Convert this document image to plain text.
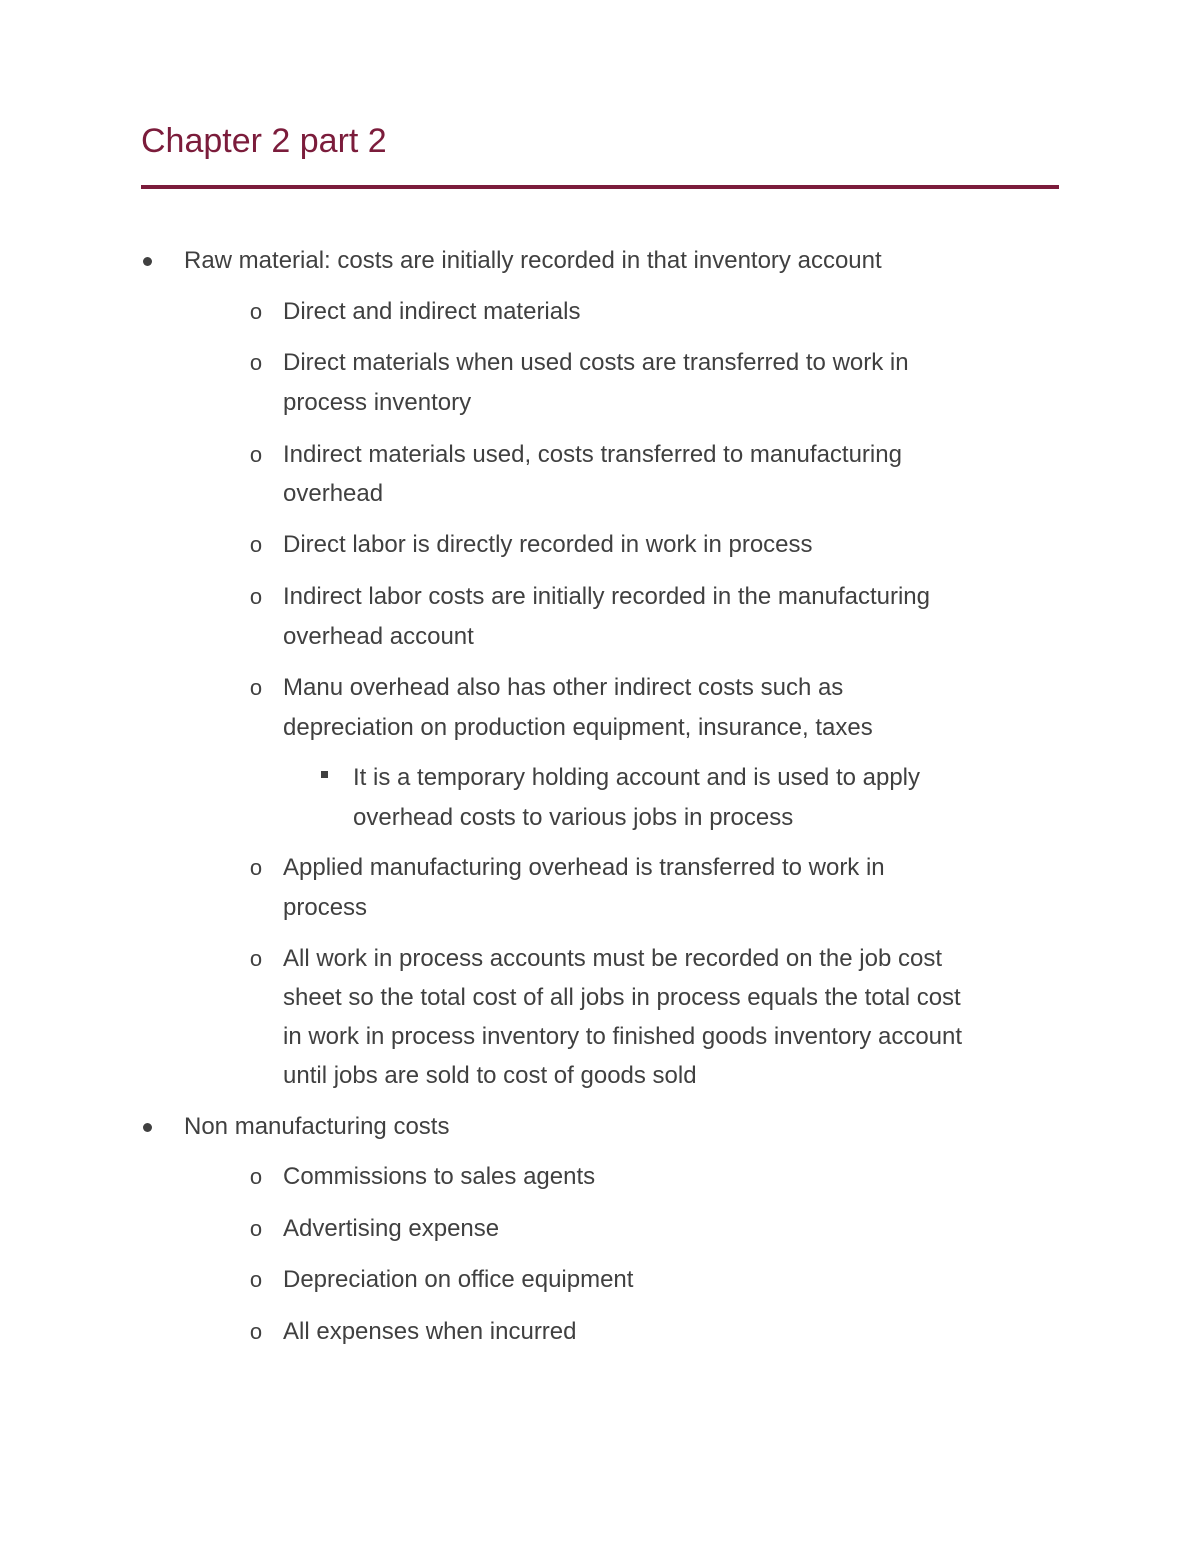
Chapter 2 part 2

Raw material: costs are initially recorded in that inventory account

o Direct and indirect materials

o Direct materials when used costs are transferred to work in

process inventory

o Indirect materials used, costs transferred to manufacturing

overhead

o Direct labor is directly recorded in work in process

o Indirect labor costs are initially recorded in the manufacturing

overhead account

o Manu overhead also has other indirect costs such as

depreciation on production equipment, insurance, taxes

It is a temporary holding account and is used to apply

overhead costs to various jobs in process

o Applied manufacturing overhead is transferred to work in

process

o All work in process accounts must be recorded on the job cost

sheet so the total cost of all jobs in process equals the total cost

in work in process inventory to finished goods inventory account

until jobs are sold to cost of goods sold

Non manufacturing costs

o Commissions to sales agents

o Advertising expense

o Depreciation on office equipment

o All expenses when incurred
